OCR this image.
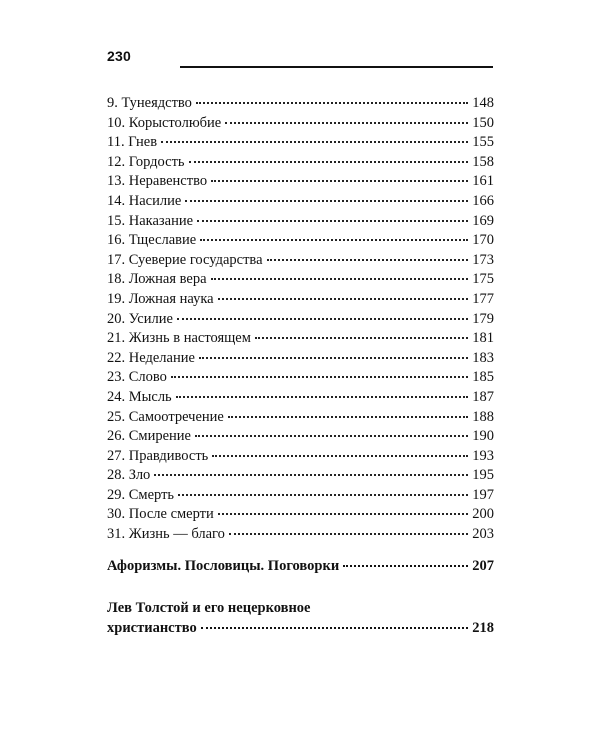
230
9. Тунеядство	148
10. Корыстолюбие	150
11. Гнев	155
12. Гордость	158
13. Неравенство	161
14. Насилие	166
15. Наказание	169
16. Тщеславие	170
17. Суеверие государства	173
18. Ложная вера	175
19. Ложная наука	177
20. Усилие	179
21. Жизнь в настоящем	181
22. Неделание	183
23. Слово	185
24. Мысль	187
25. Самоотречение	188
26. Смирение	190
27. Правдивость	193
28. Зло	195
29. Смерть	197
30. После смерти	200
31. Жизнь — благо	203
Афоризмы. Пословицы. Поговорки	207
Лев Толстой и его нецерковное
христианство	218
